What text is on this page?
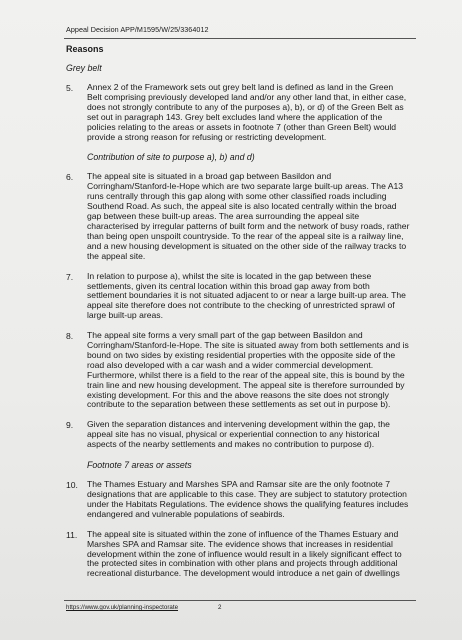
Appeal Decision APP/M1595/W/25/3364012
Reasons
Grey belt
5.	Annex 2 of the Framework sets out grey belt land is defined as land in the Green Belt comprising previously developed land and/or any other land that, in either case, does not strongly contribute to any of the purposes a), b), or d) of the Green Belt as set out in paragraph 143. Grey belt excludes land where the application of the policies relating to the areas or assets in footnote 7 (other than Green Belt) would provide a strong reason for refusing or restricting development.
Contribution of site to purpose a), b) and d)
6.	The appeal site is situated in a broad gap between Basildon and Corringham/Stanford-le-Hope which are two separate large built-up areas. The A13 runs centrally through this gap along with some other classified roads including Southend Road. As such, the appeal site is also located centrally within the broad gap between these built-up areas. The area surrounding the appeal site characterised by irregular patterns of built form and the network of busy roads, rather than being open unspoilt countryside. To the rear of the appeal site is a railway line, and a new housing development is situated on the other side of the railway tracks to the appeal site.
7.	In relation to purpose a), whilst the site is located in the gap between these settlements, given its central location within this broad gap away from both settlement boundaries it is not situated adjacent to or near a large built-up area. The appeal site therefore does not contribute to the checking of unrestricted sprawl of large built-up areas.
8.	The appeal site forms a very small part of the gap between Basildon and Corringham/Stanford-le-Hope. The site is situated away from both settlements and is bound on two sides by existing residential properties with the opposite side of the road also developed with a car wash and a wider commercial development. Furthermore, whilst there is a field to the rear of the appeal site, this is bound by the train line and new housing development. The appeal site is therefore surrounded by existing development. For this and the above reasons the site does not strongly contribute to the separation between these settlements as set out in purpose b).
9.	Given the separation distances and intervening development within the gap, the appeal site has no visual, physical or experiential connection to any historical aspects of the nearby settlements and makes no contribution to purpose d).
Footnote 7 areas or assets
10.	The Thames Estuary and Marshes SPA and Ramsar site are the only footnote 7 designations that are applicable to this case. They are subject to statutory protection under the Habitats Regulations. The evidence shows the qualifying features includes endangered and vulnerable populations of seabirds.
11.	The appeal site is situated within the zone of influence of the Thames Estuary and Marshes SPA and Ramsar site. The evidence shows that increases in residential development within the zone of influence would result in a likely significant effect to the protected sites in combination with other plans and projects through additional recreational disturbance. The development would introduce a net gain of dwellings
https://www.gov.uk/planning-inspectorate	2
